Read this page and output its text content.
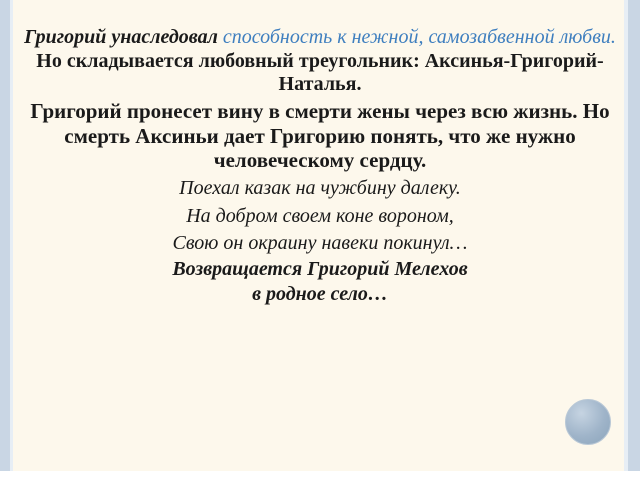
Григорий унаследовал способность к нежной, самозабвенной любви. Но складывается любовный треугольник: Аксинья-Григорий-Наталья.

Григорий пронесет вину в смерти жены через всю жизнь. Но смерть Аксиньи дает Григорию понять, что же нужно человеческому сердцу.

Поехал казак на чужбину далеку.

На добром своем коне вороном,

Свою он окраину навеки покинул…

Возвращается Григорий Мелехов

в родное село…
